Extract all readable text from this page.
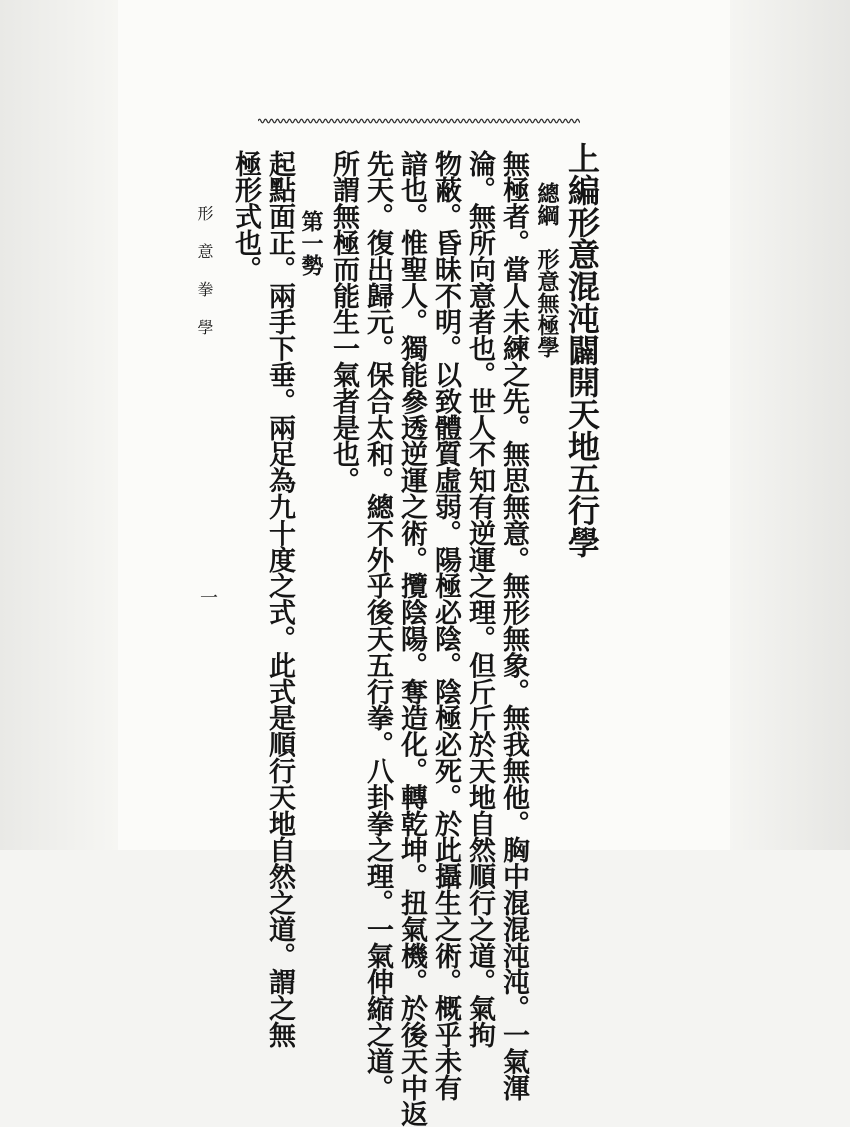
上編形意混沌闢開天地五行學
總綱　形意無極學
無極者。當人未練之先。無思無意。無形無象。無我無他。胸中混混沌沌。一氣渾
淪。無所向意者也。世人不知有逆運之理。但斤斤於天地自然順行之道。氣拘
物蔽。昏昧不明。以致體質虛弱。陽極必陰。陰極必死。於此攝生之術。概乎未有
諳也。惟聖人。獨能參透逆運之術。攬陰陽。奪造化。轉乾坤。扭氣機。於後天中返
先天。復出歸元。保合太和。總不外乎後天五行拳。八卦拳之理。一氣伸縮之道。
所謂無極而能生一氣者是也。
第一勢
起點面正。兩手下垂。兩足為九十度之式。此式是順行天地自然之道。謂之無
極形式也。
形意拳學
一
